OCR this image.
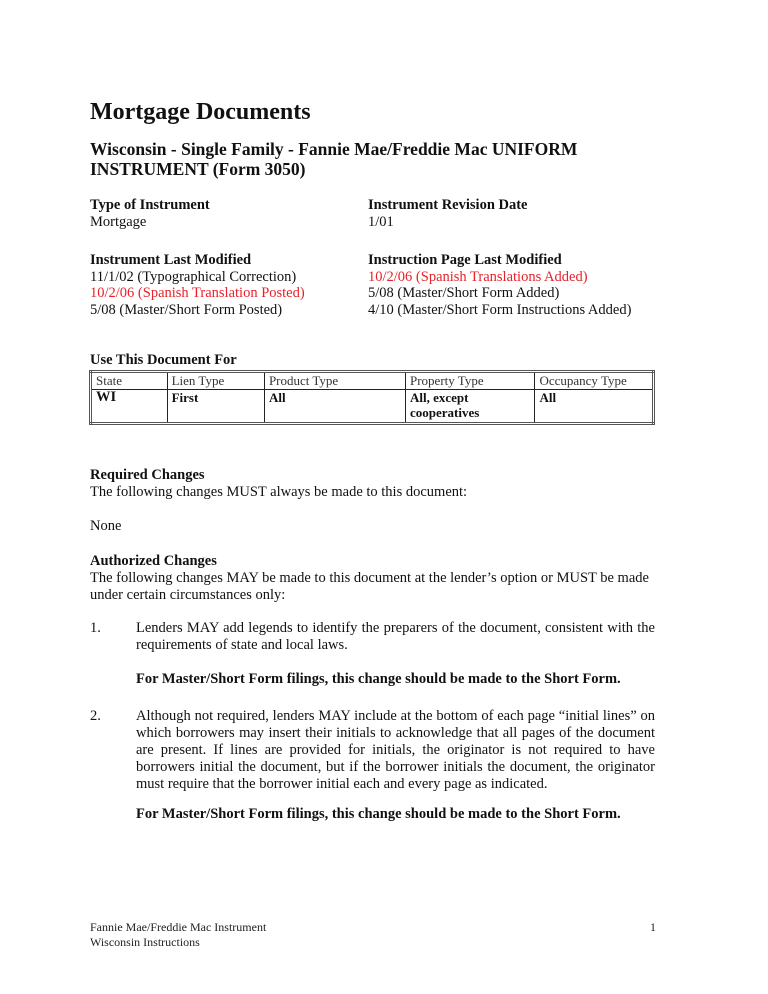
Mortgage Documents

Wisconsin - Single Family - Fannie Mae/Freddie Mac UNIFORM INSTRUMENT (Form 3050)

Type of Instrument
Mortgage
Instrument Revision Date
1/01
Instrument Last Modified
11/1/02 (Typographical Correction)
10/2/06 (Spanish Translation Posted)
5/08 (Master/Short Form Posted)
Instruction Page Last Modified
10/2/06 (Spanish Translations Added)
5/08 (Master/Short Form Added)
4/10 (Master/Short Form Instructions Added)
Use This Document For
State	Lien Type	Product Type	Property Type	Occupancy Type
WI	First	All	All, except cooperatives	All
Required Changes
The following changes MUST always be made to this document:
None
Authorized Changes
The following changes MAY be made to this document at the lender’s option or MUST be made under certain circumstances only:
1. Lenders MAY add legends to identify the preparers of the document, consistent with the requirements of state and local laws.
For Master/Short Form filings, this change should be made to the Short Form.
2. Although not required, lenders MAY include at the bottom of each page “initial lines” on which borrowers may insert their initials to acknowledge that all pages of the document are present. If lines are provided for initials, the originator is not required to have borrowers initial the document, but if the borrower initials the document, the originator must require that the borrower initial each and every page as indicated.
For Master/Short Form filings, this change should be made to the Short Form.
Fannie Mae/Freddie Mac Instrument
Wisconsin Instructions
1
